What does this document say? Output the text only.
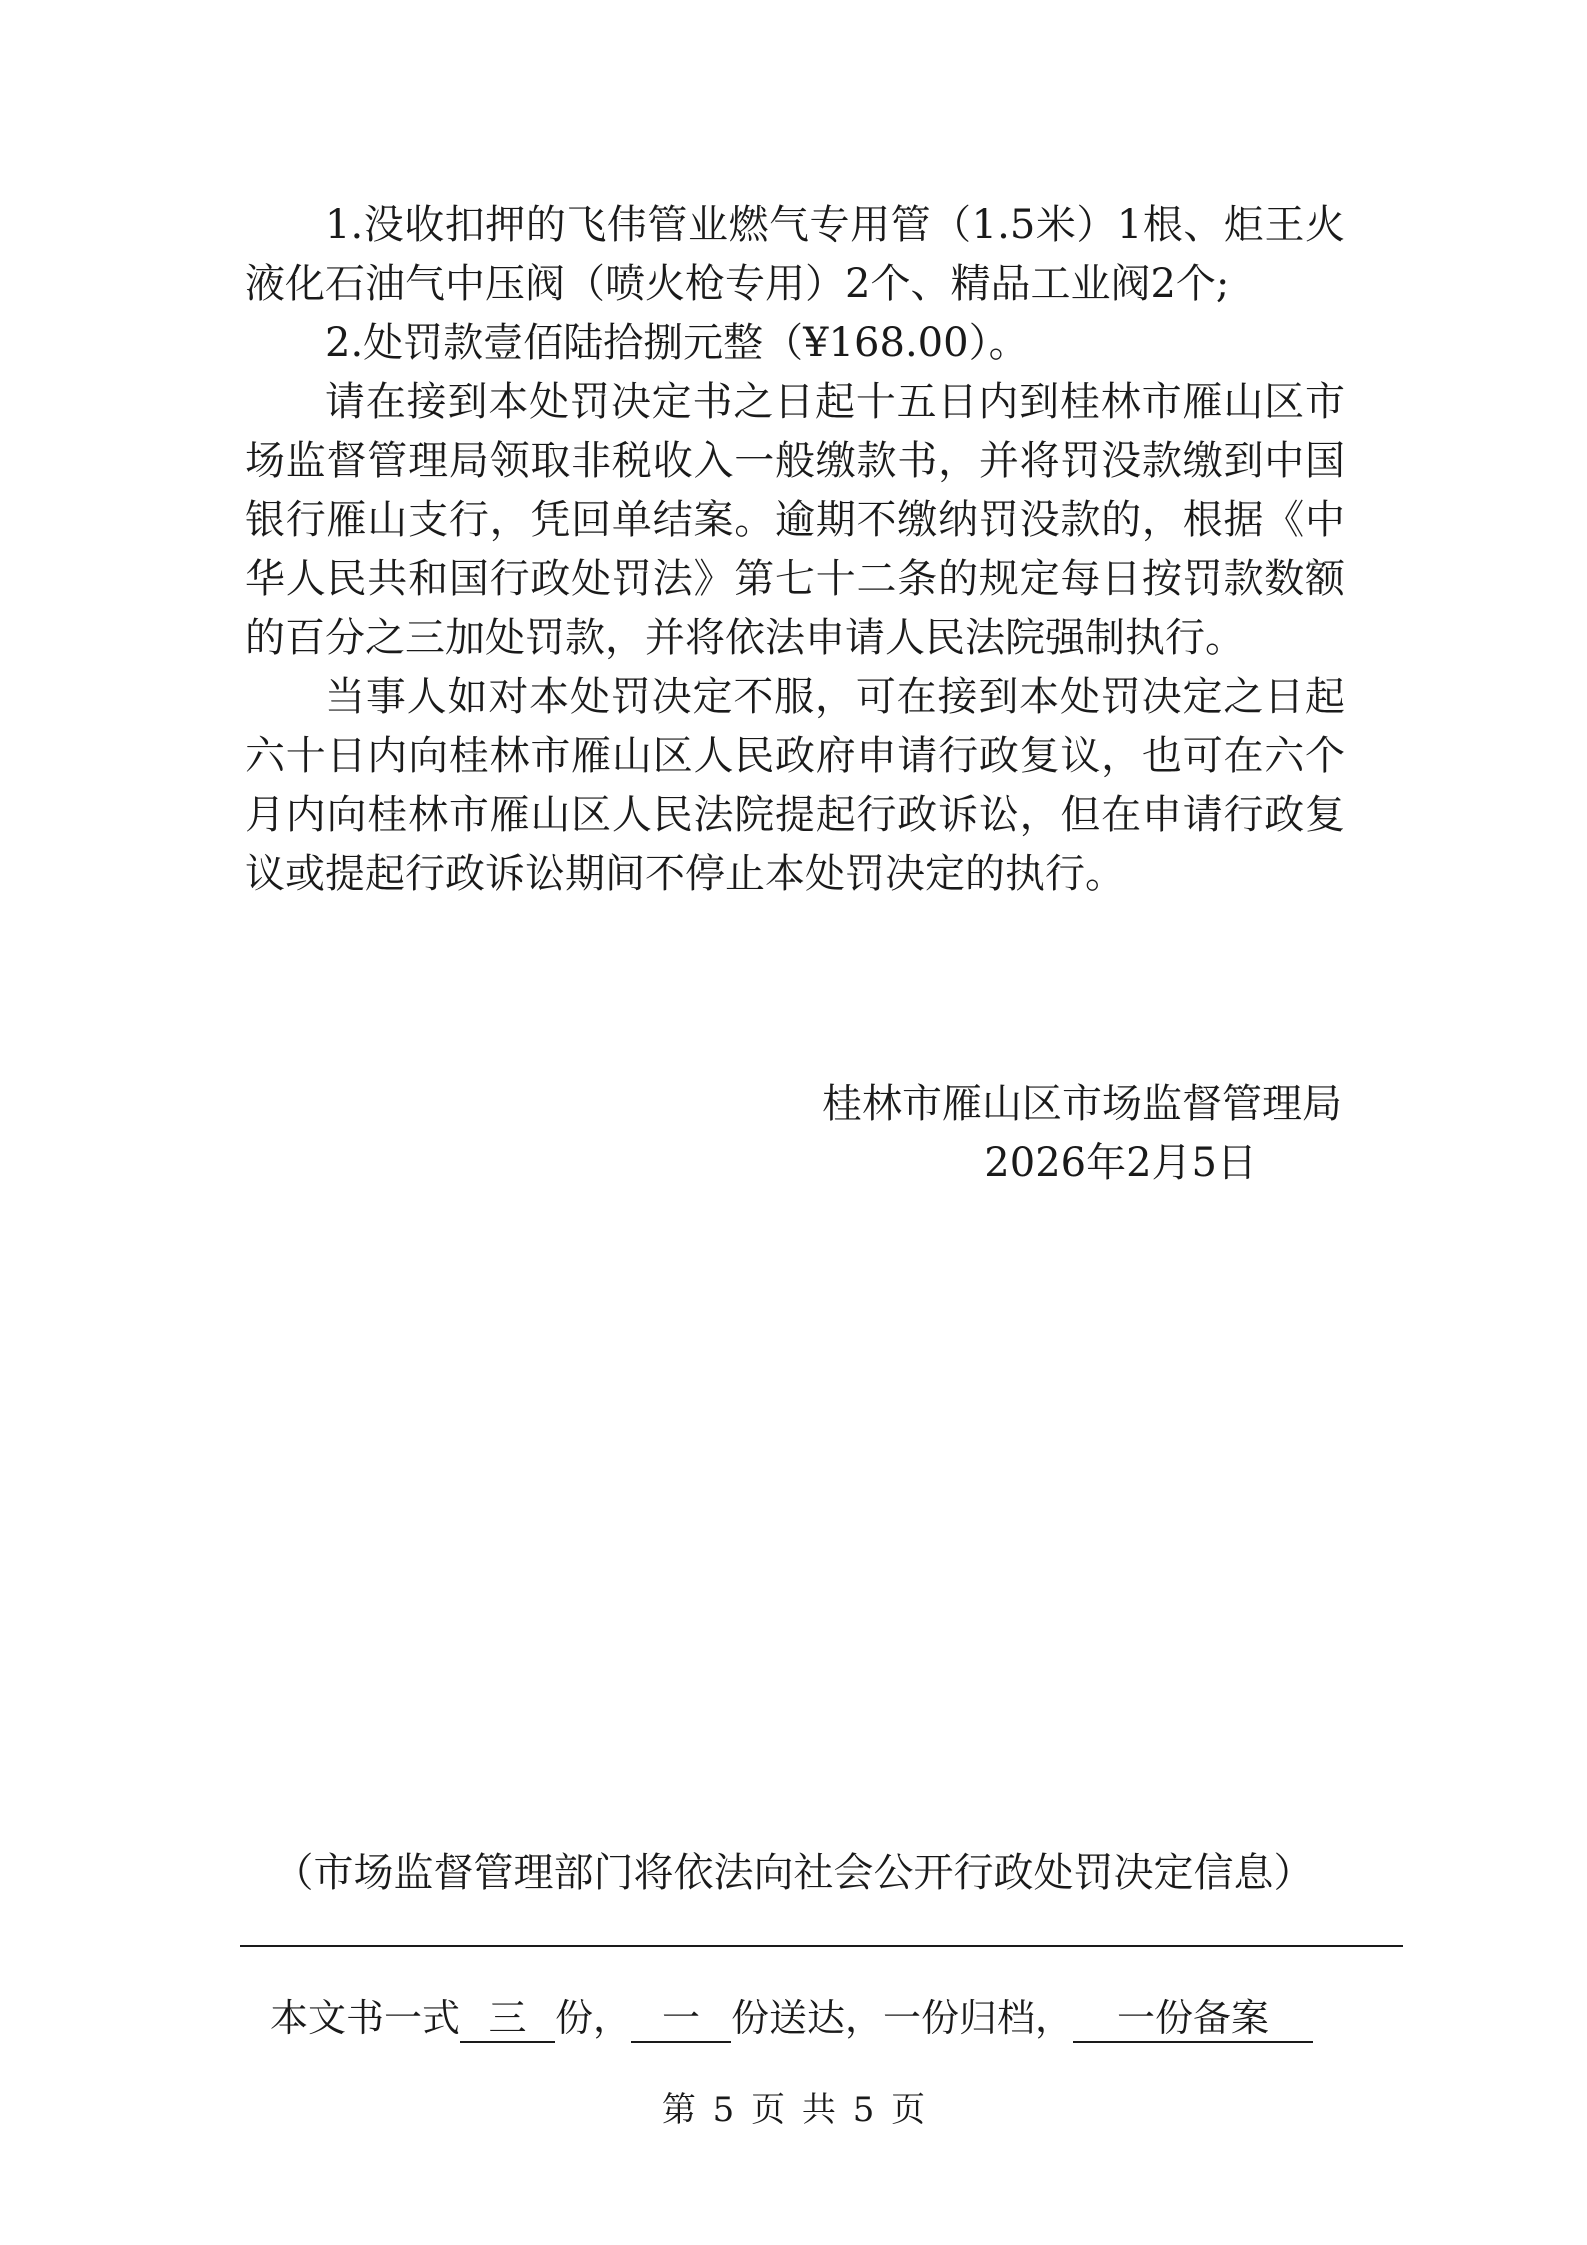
1.没收扣押的飞伟管业燃气专用管（1.5米）1根、炬王火液化石油气中压阀（喷火枪专用）2个、精品工业阀2个;

2.处罚款壹佰陆拾捌元整（¥168.00）。

请在接到本处罚决定书之日起十五日内到桂林市雁山区市场监督管理局领取非税收入一般缴款书，并将罚没款缴到中国银行雁山支行，凭回单结案。逾期不缴纳罚没款的，根据《中华人民共和国行政处罚法》第七十二条的规定每日按罚款数额的百分之三加处罚款，并将依法申请人民法院强制执行。

当事人如对本处罚决定不服，可在接到本处罚决定之日起六十日内向桂林市雁山区人民政府申请行政复议，也可在六个月内向桂林市雁山区人民法院提起行政诉讼，但在申请行政复议或提起行政诉讼期间不停止本处罚决定的执行。

桂林市雁山区市场监督管理局
2026年2月5日
（市场监督管理部门将依法向社会公开行政处罚决定信息）
本文书一式 三 份， 一 份送达，一份归档， 一份备案
第 5 页 共 5 页
